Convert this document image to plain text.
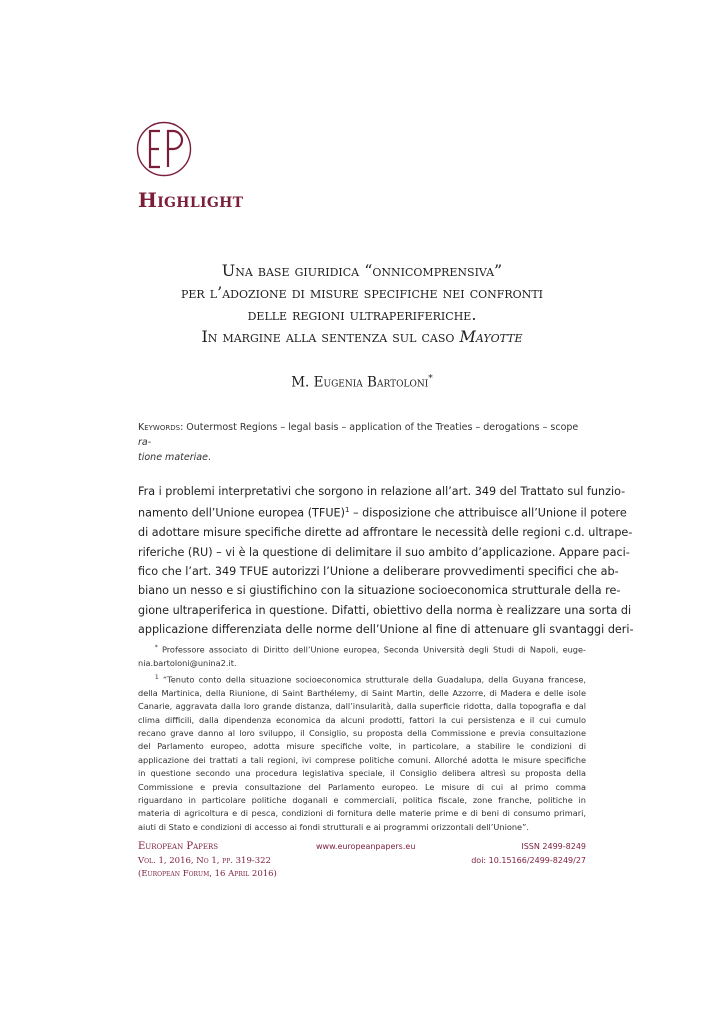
Highlight
Una base giuridica “onnicomprensiva”
per l’adozione di misure specifiche nei confronti
delle regioni ultraperiferiche.
In margine alla sentenza sul caso Mayotte
M. Eugenia Bartoloni*
Keywords: Outermost Regions – legal basis – application of the Treaties – derogations – scope ra-
tione materiae.
Fra i problemi interpretativi che sorgono in relazione all’art. 349 del Trattato sul funzio-
namento dell’Unione europea (TFUE)$^1$ – disposizione che attribuisce all’Unione il potere
di adottare misure specifiche dirette ad affrontare le necessità delle regioni c.d. ultrape-
riferiche (RU) – vi è la questione di delimitare il suo ambito d’applicazione. Appare paci-
fico che l’art. 349 TFUE autorizzi l’Unione a deliberare provvedimenti specifici che ab-
biano un nesso e si giustifichino con la situazione socioeconomica strutturale della re-
gione ultraperiferica in questione. Difatti, obiettivo della norma è realizzare una sorta di
applicazione differenziata delle norme dell’Unione al fine di attenuare gli svantaggi deri-
* Professore associato di Diritto dell’Unione europea, Seconda Università degli Studi di Napoli, euge-
nia.bartoloni@unina2.it.
$^1$ “Tenuto conto della situazione socioeconomica strutturale della Guadalupa, della Guyana francese,
della Martinica, della Riunione, di Saint Barthélemy, di Saint Martin, delle Azzorre, di Madera e delle isole
Canarie, aggravata dalla loro grande distanza, dall’insularità, dalla superficie ridotta, dalla topografia e dal
clima difficili, dalla dipendenza economica da alcuni prodotti, fattori la cui persistenza e il cui cumulo
recano grave danno al loro sviluppo, il Consiglio, su proposta della Commissione e previa consultazione
del Parlamento europeo, adotta misure specifiche volte, in particolare, a stabilire le condizioni di
applicazione dei trattati a tali regioni, ivi comprese politiche comuni. Allorché adotta le misure specifiche
in questione secondo una procedura legislativa speciale, il Consiglio delibera altresì su proposta della
Commissione e previa consultazione del Parlamento europeo. Le misure di cui al primo comma
riguardano in particolare politiche doganali e commerciali, politica fiscale, zone franche, politiche in
materia di agricoltura e di pesca, condizioni di fornitura delle materie prime e di beni di consumo primari,
aiuti di Stato e condizioni di accesso ai fondi strutturali e ai programmi orizzontali dell’Unione”.
European Papers
Vol. 1, 2016, No 1, pp. 319-322
(European Forum, 16 April 2016)
www.europeanpapers.eu	ISSN 2499-8249
doi: 10.15166/2499-8249/27
